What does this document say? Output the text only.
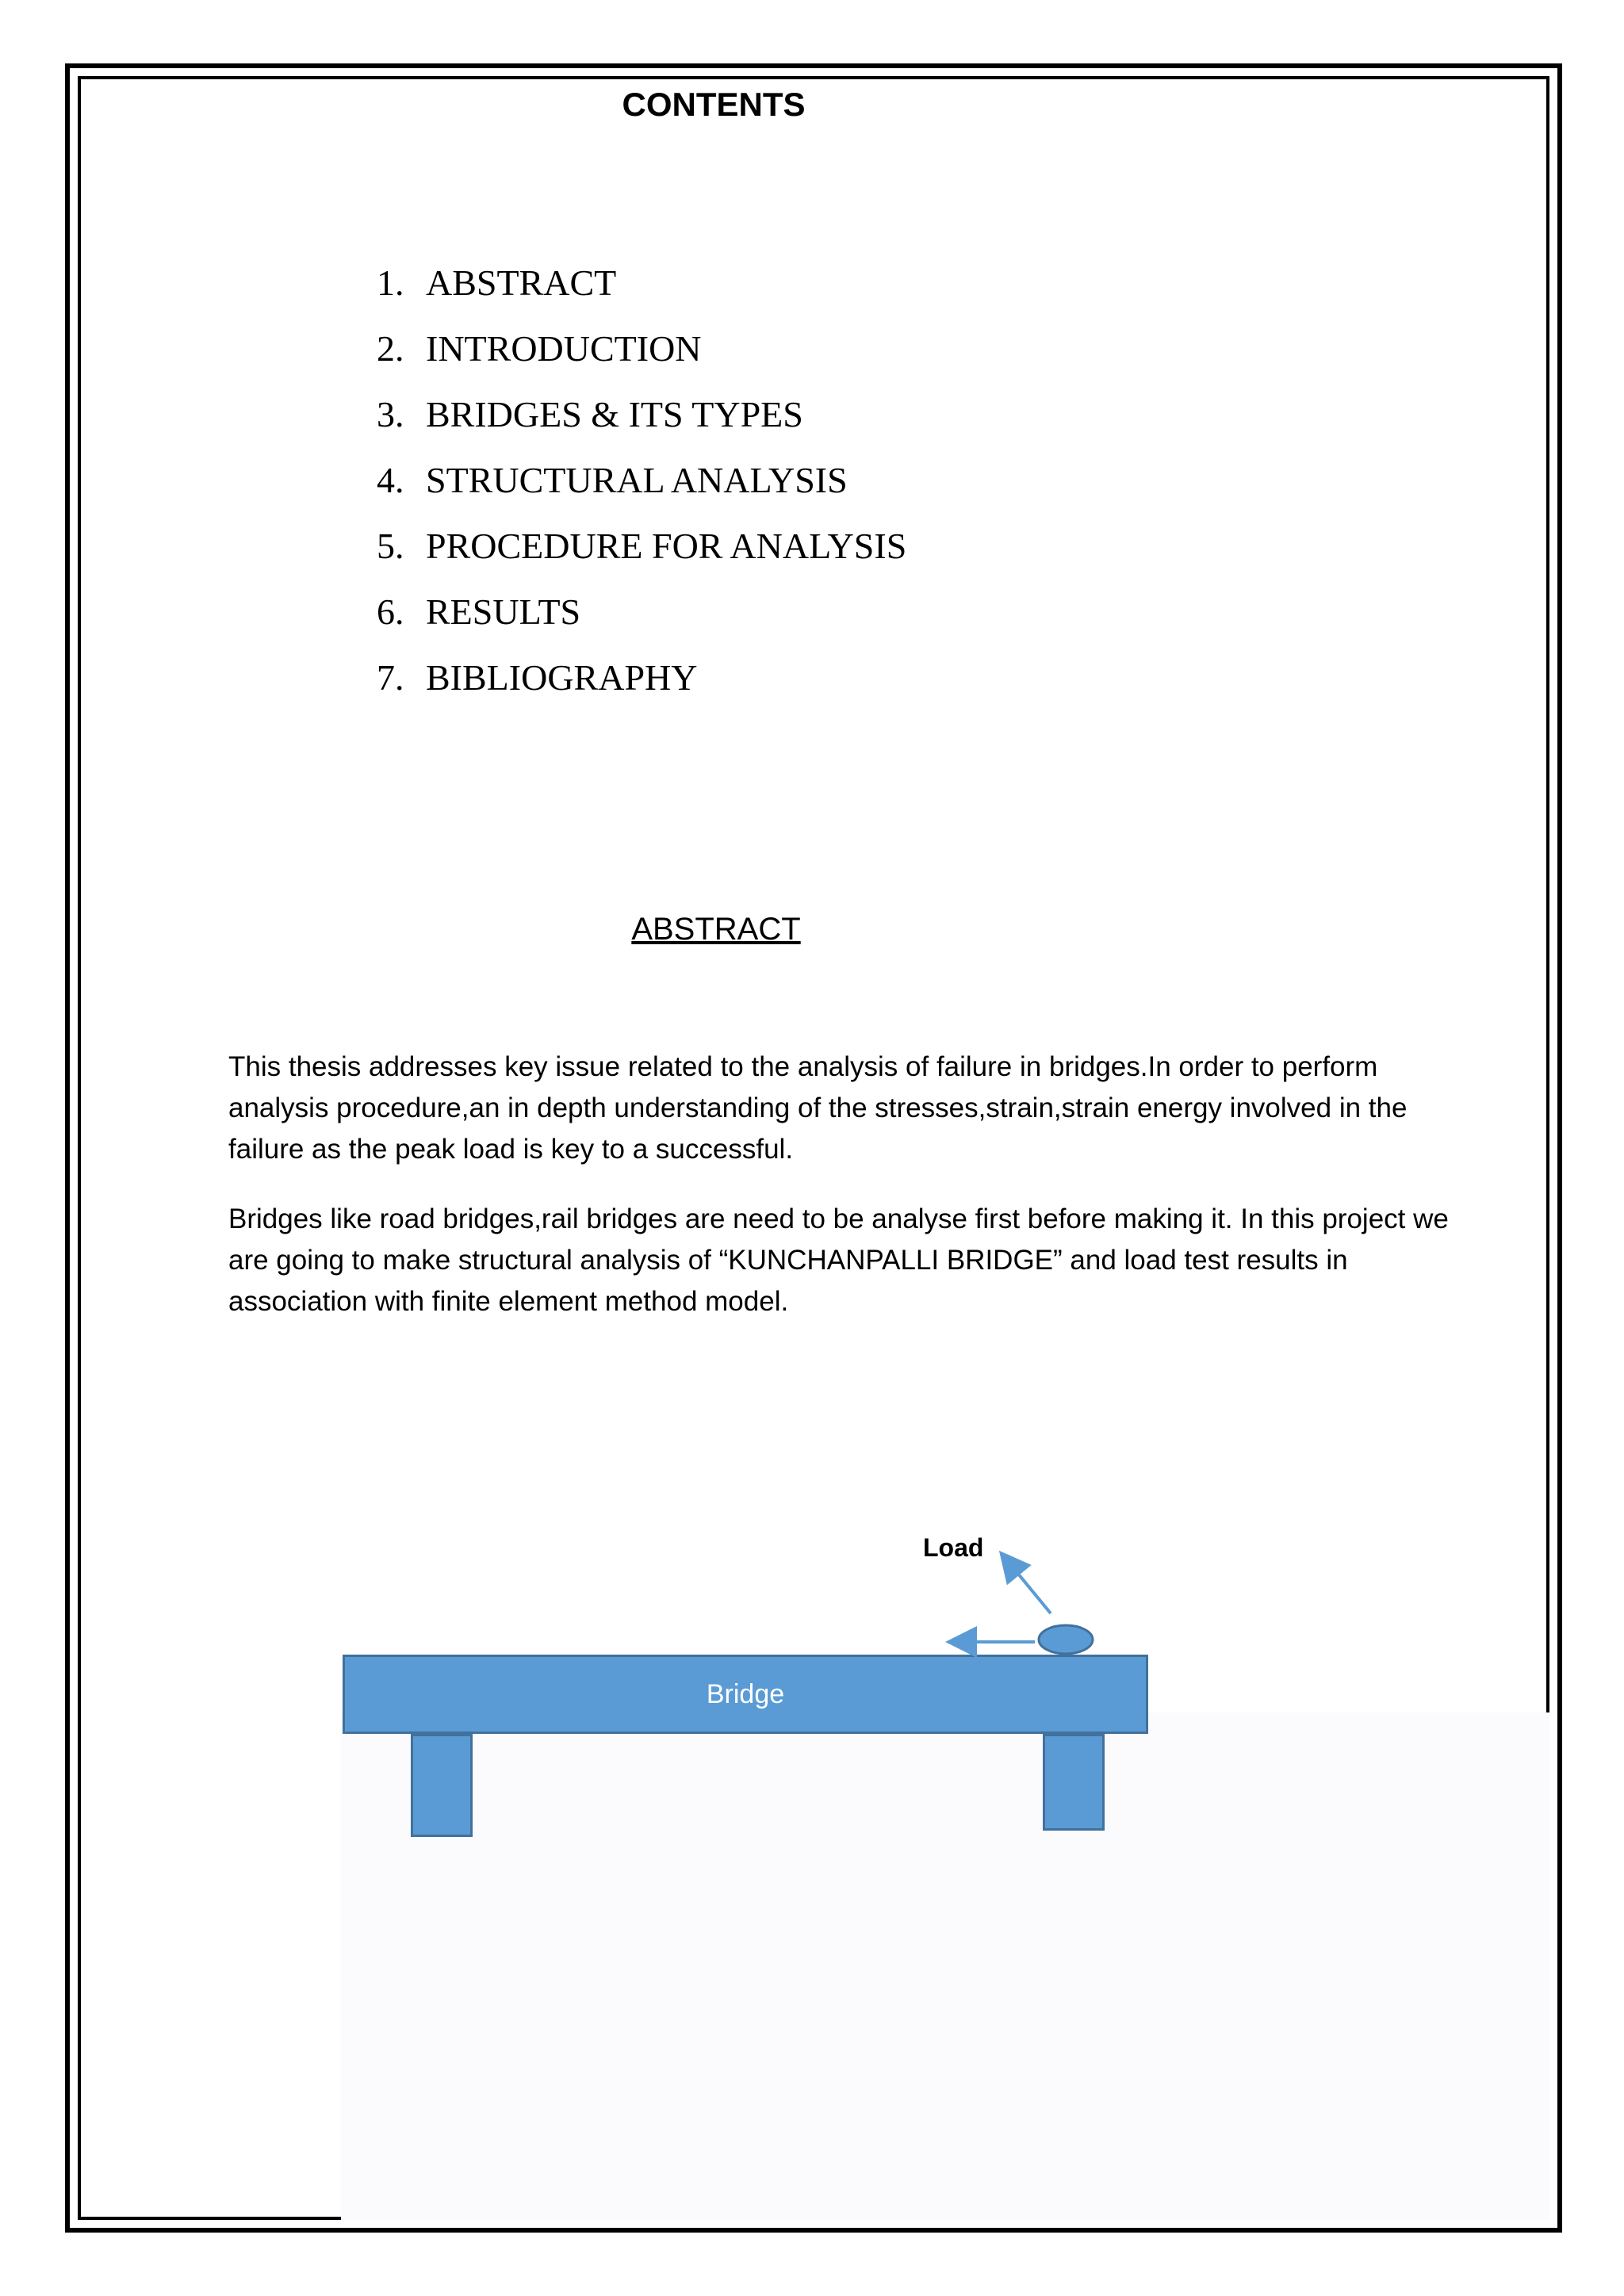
CONTENTS
1. ABSTRACT
2. INTRODUCTION
3. BRIDGES & ITS TYPES
4. STRUCTURAL ANALYSIS
5. PROCEDURE FOR ANALYSIS
6. RESULTS
7. BIBLIOGRAPHY
ABSTRACT

This thesis addresses key issue related to the analysis of failure in bridges.In order to perform analysis procedure,an in depth understanding of the stresses,strain,strain energy involved in the failure as the peak load is key to a successful.

Bridges like road bridges,rail bridges are need to be analyse first before making it. In this project we are going to make structural analysis of “KUNCHANPALLI BRIDGE” and load test results in association with finite element method model.

Load
Bridge
